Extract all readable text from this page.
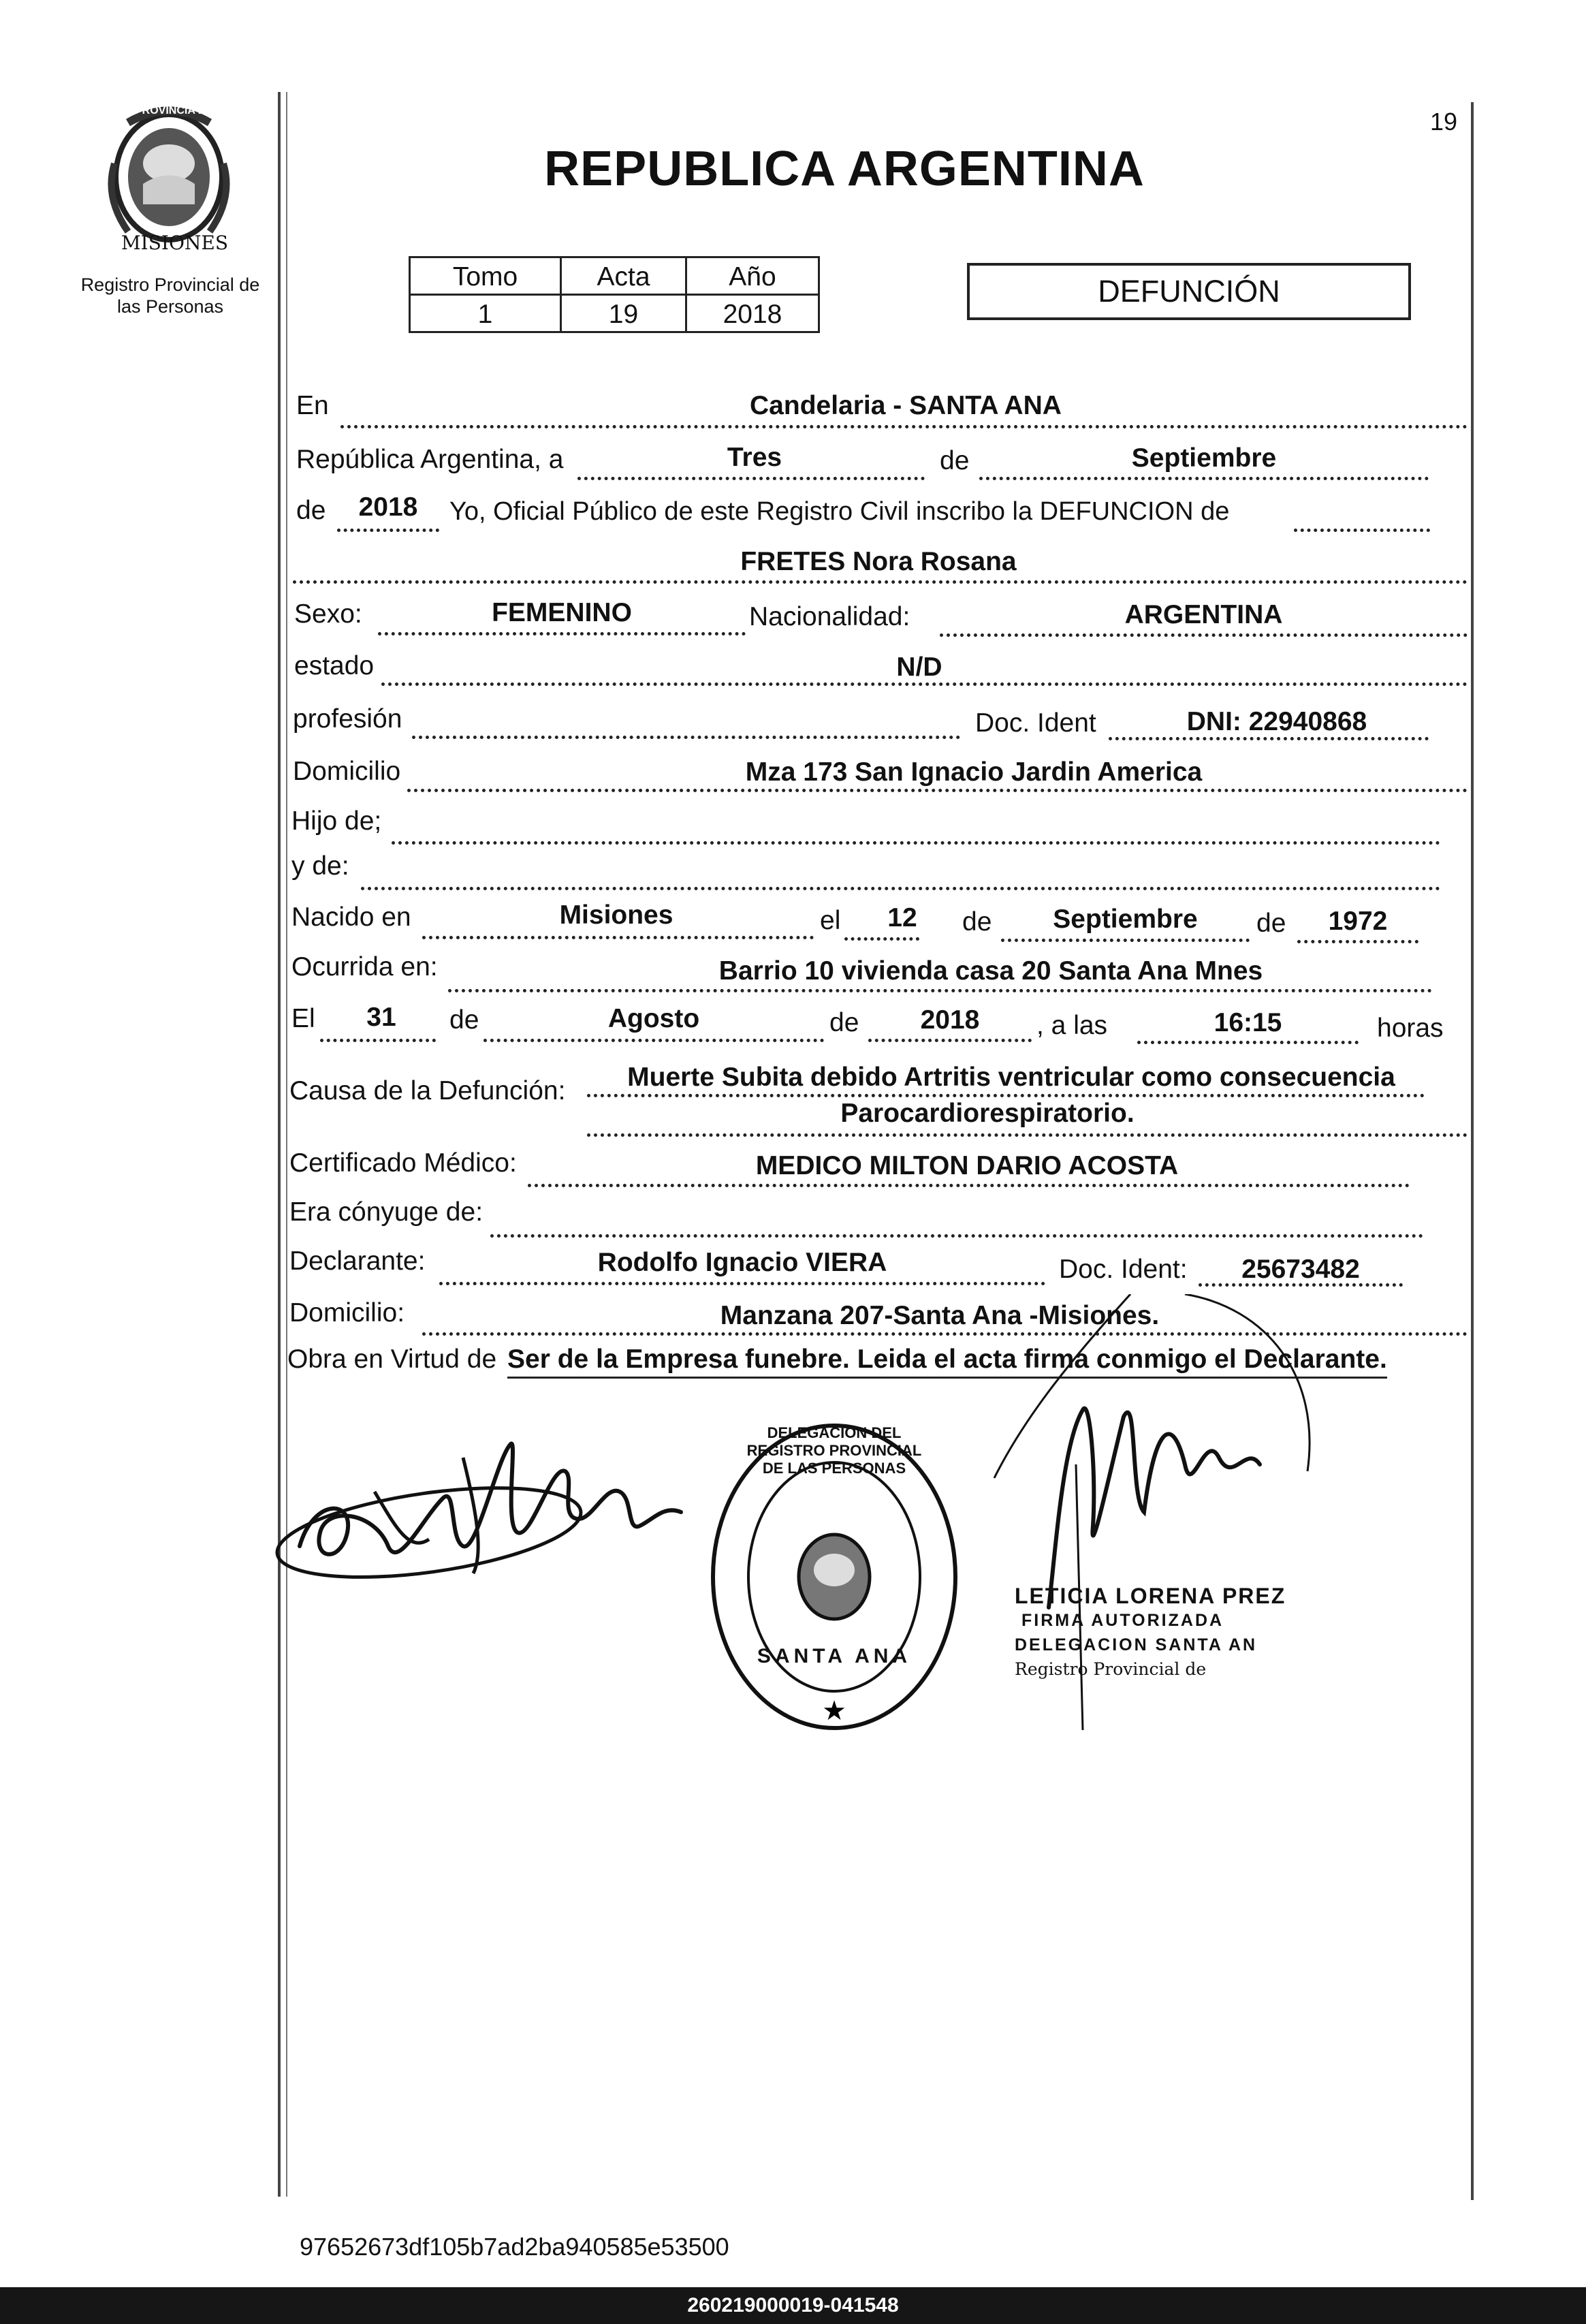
PROVINCIA DE
MISIONES
Registro Provincial de
las Personas
REPUBLICA ARGENTINA
19
Tomo	Acta	Año
1	19	2018
DEFUNCIÓN
En	Candelaria - SANTA ANA
República Argentina, a	Tres	de	Septiembre
de	2018	Yo, Oficial Público de este Registro Civil inscribo la DEFUNCION de
FRETES Nora Rosana
Sexo:	FEMENINO	Nacionalidad:	ARGENTINA
estado	N/D
profesión	Doc. Ident	DNI: 22940868
Domicilio	Mza 173 San Ignacio Jardin America
Hijo de;
y de:
Nacido en	Misiones	el	12	de	Septiembre	de	1972
Ocurrida en:	Barrio 10 vivienda casa 20 Santa Ana Mnes
El	31	de	Agosto	de	2018	, a las	16:15	horas
Causa de la Defunción:	Muerte Subita debido Artritis ventricular como consecuencia
Parocardiorespiratorio.
Certificado Médico:	MEDICO MILTON DARIO ACOSTA
Era cónyuge de:
Declarante:	Rodolfo Ignacio VIERA	Doc. Ident:	25673482
Domicilio:	Manzana 207-Santa Ana -Misiones.
Obra en Virtud de Ser de la Empresa funebre. Leida el acta firma conmigo el Declarante.
★
DELEGACION DEL REGISTRO PROVINCIAL DE LAS PERSONAS
SANTA ANA
LETICIA LORENA PREZ
FIRMA AUTORIZADA
DELEGACION SANTA AN
Registro Provincial de
97652673df105b7ad2ba940585e53500
260219000019-041548
